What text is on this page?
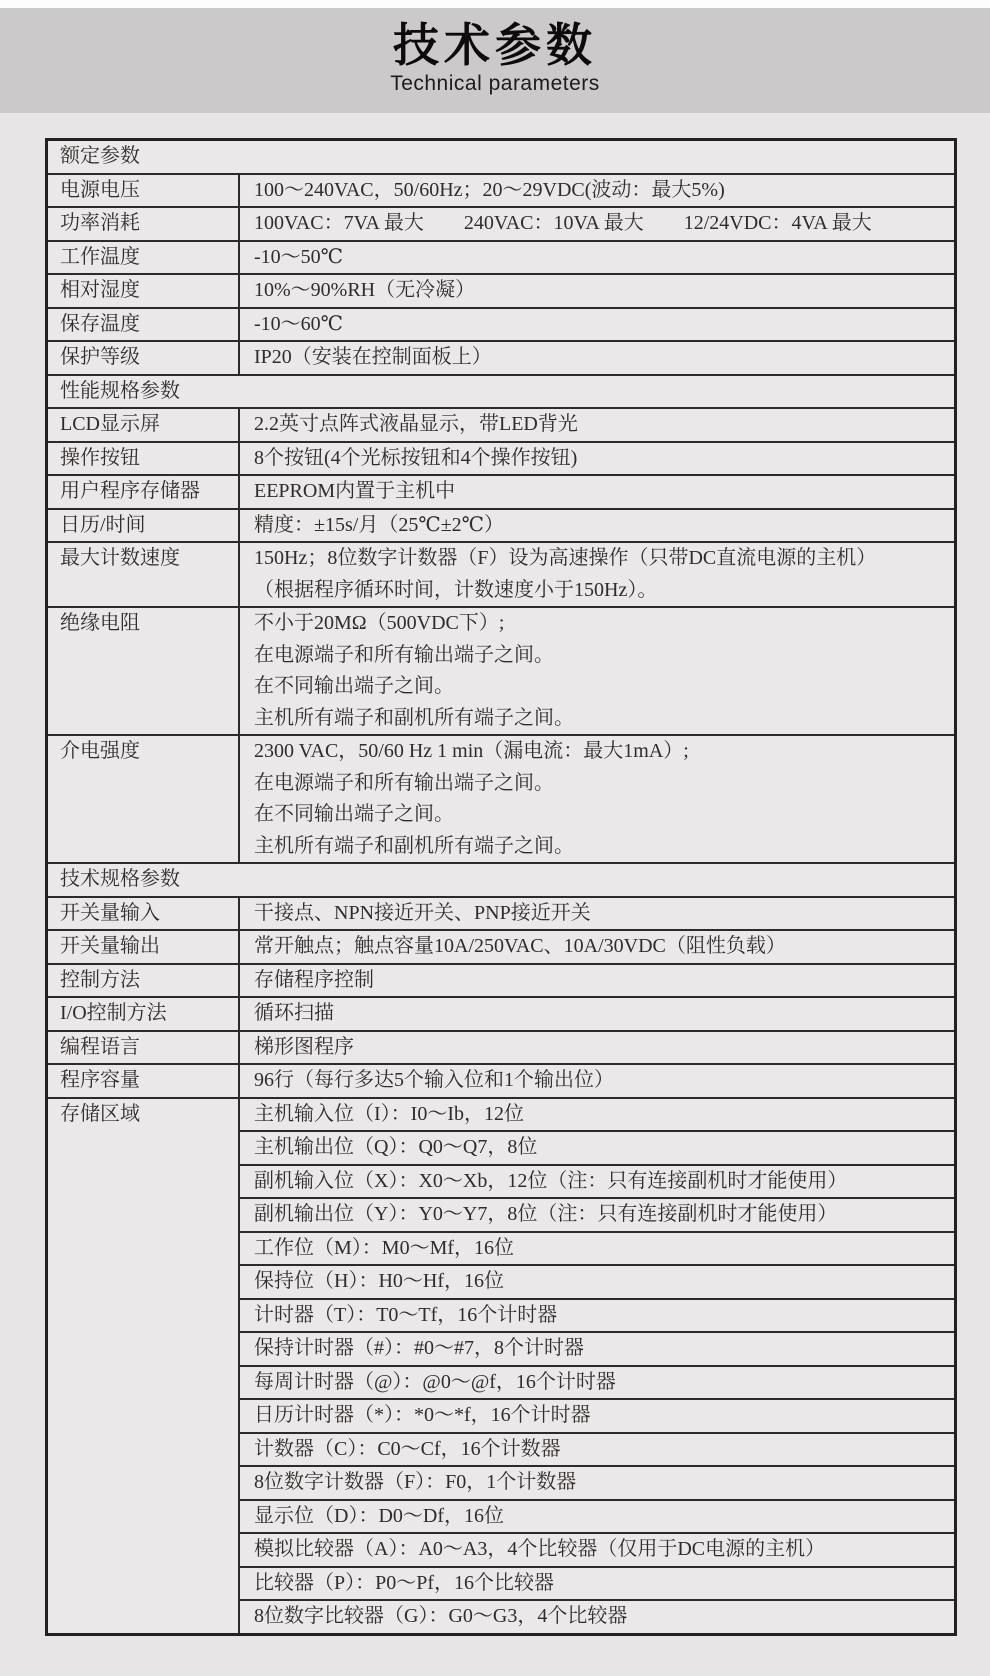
技术参数
Technical parameters
额定参数
电源电压	100～240VAC，50/60Hz；20～29VDC(波动：最大5%)
功率消耗	100VAC：7VA 最大　　240VAC：10VA 最大　　12/24VDC：4VA 最大
工作温度	-10～50℃
相对湿度	10%～90%RH（无冷凝）
保存温度	-10～60℃
保护等级	IP20（安装在控制面板上）
性能规格参数
LCD显示屏	2.2英寸点阵式液晶显示，带LED背光
操作按钮	8个按钮(4个光标按钮和4个操作按钮)
用户程序存储器	EEPROM内置于主机中
日历/时间	精度：±15s/月（25℃±2℃）
最大计数速度	150Hz；8位数字计数器（F）设为高速操作（只带DC直流电源的主机）
（根据程序循环时间，计数速度小于150Hz）。
绝缘电阻	不小于20MΩ（500VDC下）;
在电源端子和所有输出端子之间。
在不同输出端子之间。
主机所有端子和副机所有端子之间。
介电强度	2300 VAC，50/60 Hz 1 min（漏电流：最大1mA）;
在电源端子和所有输出端子之间。
在不同输出端子之间。
主机所有端子和副机所有端子之间。
技术规格参数
开关量输入	干接点、NPN接近开关、PNP接近开关
开关量输出	常开触点；触点容量10A/250VAC、10A/30VDC（阻性负载）
控制方法	存储程序控制
I/O控制方法	循环扫描
编程语言	梯形图程序
程序容量	96行（每行多达5个输入位和1个输出位）
存储区域	主机输入位（I）：I0～Ib，12位
主机输出位（Q）：Q0～Q7，8位
副机输入位（X）：X0～Xb，12位（注：只有连接副机时才能使用）
副机输出位（Y）：Y0～Y7，8位（注：只有连接副机时才能使用）
工作位（M）：M0～Mf，16位
保持位（H）：H0～Hf，16位
计时器（T）：T0～Tf，16个计时器
保持计时器（#）：#0～#7，8个计时器
每周计时器（@）：@0～@f，16个计时器
日历计时器（*）：*0～*f，16个计时器
计数器（C）：C0～Cf，16个计数器
8位数字计数器（F）：F0，1个计数器
显示位（D）：D0～Df，16位
模拟比较器（A）：A0～A3，4个比较器（仅用于DC电源的主机）
比较器（P）：P0～Pf，16个比较器
8位数字比较器（G）：G0～G3，4个比较器
